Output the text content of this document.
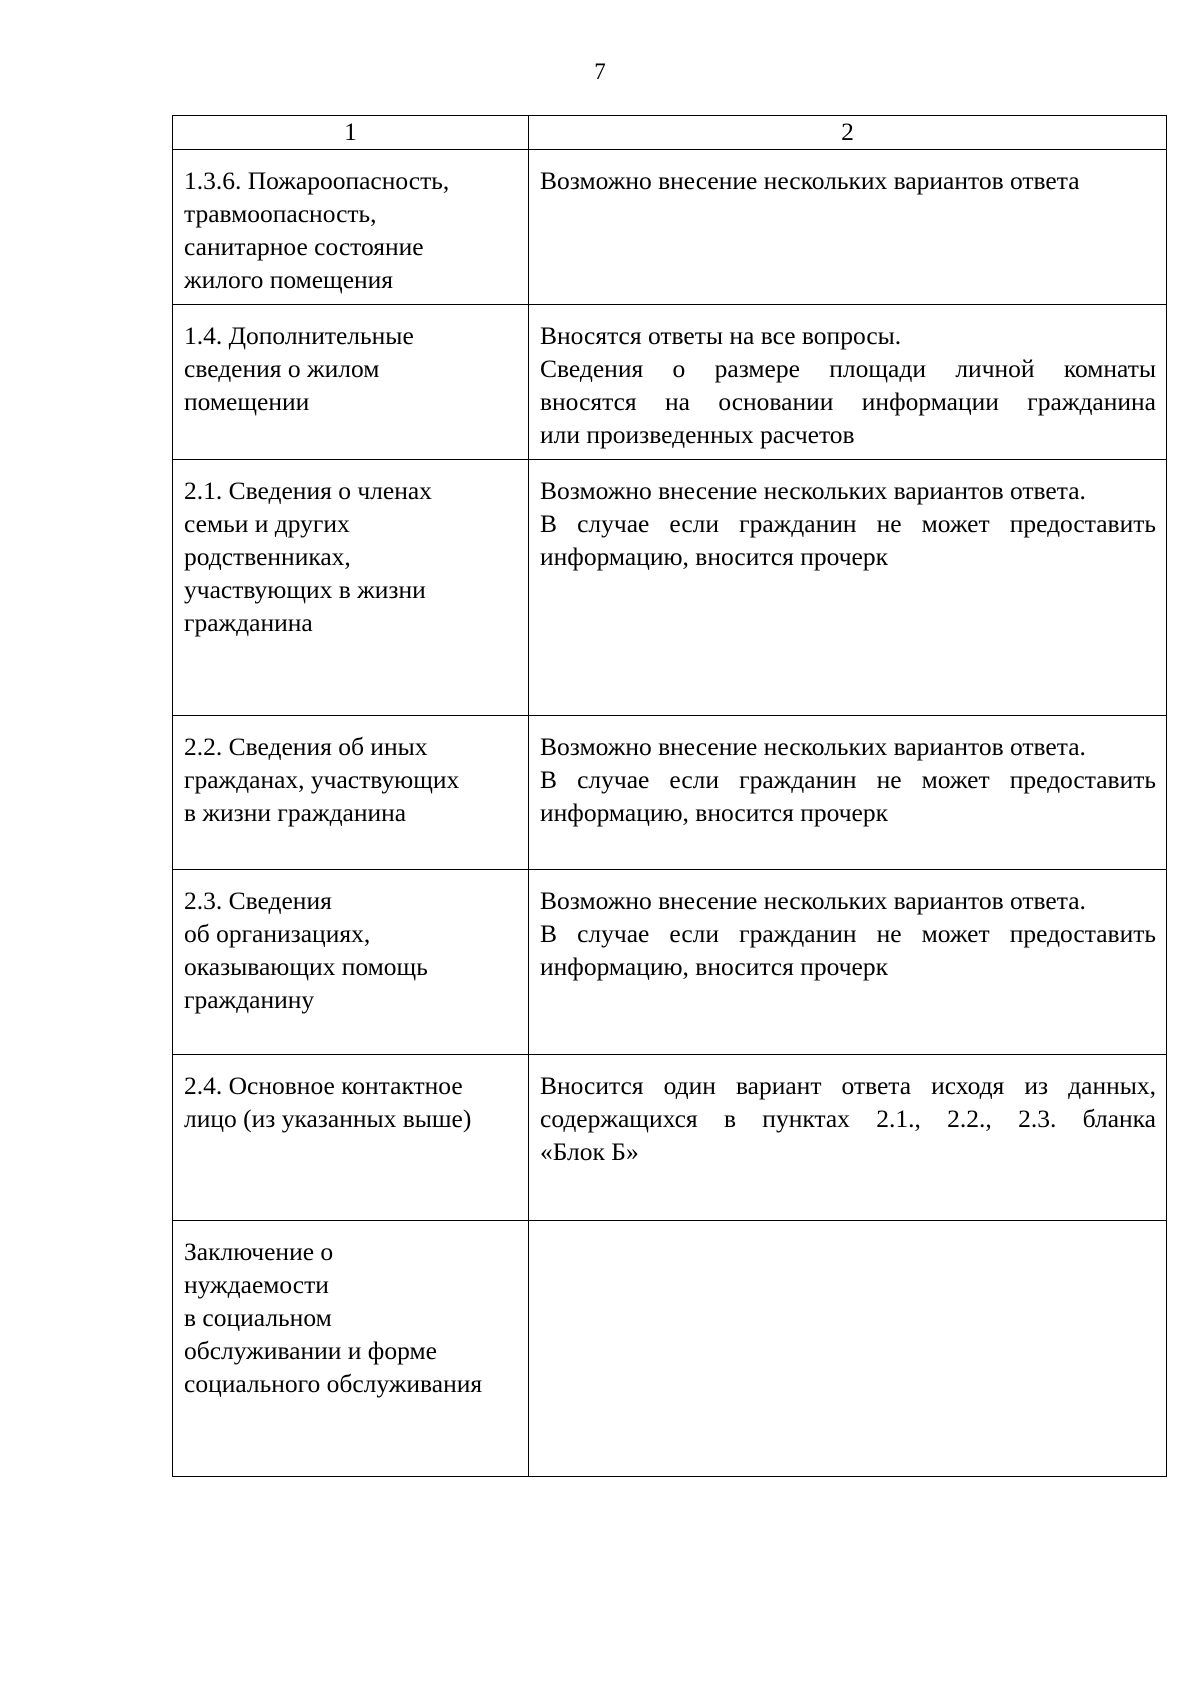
7
1	2

1.3.6. Пожароопасность,
травмоопасность,
санитарное состояние
жилого помещения	Возможно внесение нескольких вариантов ответа

1.4. Дополнительные
сведения о жилом
помещении	Вносятся ответы на все вопросы.
Сведения о размере площади личной комнаты
вносятся на основании информации гражданина
или произведенных расчетов

2.1. Сведения о членах
семьи и других
родственниках,
участвующих в жизни
гражданина	Возможно внесение нескольких вариантов ответа.
В случае если гражданин не может предоставить
информацию, вносится прочерк

2.2. Сведения об иных
гражданах, участвующих
в жизни гражданина	Возможно внесение нескольких вариантов ответа.
В случае если гражданин не может предоставить
информацию, вносится прочерк

2.3. Сведения
об организациях,
оказывающих помощь
гражданину	Возможно внесение нескольких вариантов ответа.
В случае если гражданин не может предоставить
информацию, вносится прочерк

2.4. Основное контактное
лицо (из указанных выше)	Вносится один вариант ответа исходя из данных,
содержащихся в пунктах 2.1., 2.2., 2.3. бланка
«Блок Б»

Заключение о
нуждаемости
в социальном
обслуживании и форме
социального обслуживания	
